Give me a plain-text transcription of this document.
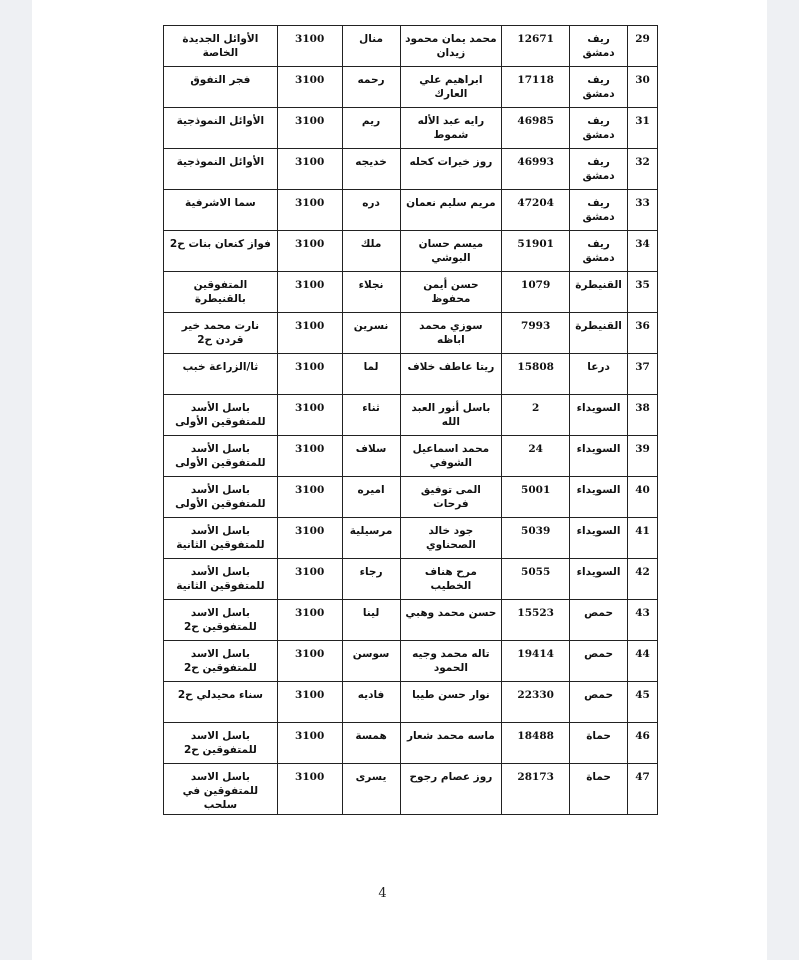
29	ريف دمشق	12671	محمد يمان محمود زيدان	منال	3100	الأوائل الجديدة الخاصة
30	ريف دمشق	17118	ابراهيم علي العارك	رحمه	3100	فجر التفوق
31	ريف دمشق	46985	رايه عبد الأله شموط	ريم	3100	الأوائل النموذجية
32	ريف دمشق	46993	روز خيرات كحله	خديجه	3100	الأوائل النموذجية
33	ريف دمشق	47204	مريم سليم نعمان	دره	3100	سما الاشرفية
34	ريف دمشق	51901	ميسم حسان البوشي	ملك	3100	فواز كنعان بنات ح2
35	القنيطرة	1079	حسن أيمن محفوظ	نجلاء	3100	المتفوقين بالقنيطرة
36	القنيطرة	7993	سوزي محمد اباظه	نسرين	3100	نارت محمد خير قردن ح2
37	درعا	15808	ريتا عاطف خلاف	لما	3100	ثا/الزراعة خبب
38	السويداء	2	باسل أنور العبد الله	ثناء	3100	باسل الأسد للمتفوقين الأولى
39	السويداء	24	محمد اسماعيل الشوفي	سلاف	3100	باسل الأسد للمتفوقين الأولى
40	السويداء	5001	المى توفيق فرحات	اميره	3100	باسل الأسد للمتفوقين الأولى
41	السويداء	5039	جود خالد الصحناوي	مرسيلية	3100	باسل الأسد للمتفوقين الثانية
42	السويداء	5055	مرح هناف الخطيب	رجاء	3100	باسل الأسد للمتفوقين الثانية
43	حمص	15523	حسن محمد وهبي	لينا	3100	باسل الاسد للمتفوقين ح2
44	حمص	19414	تاله محمد وجيه الحمود	سوسن	3100	باسل الاسد للمتفوقين ح2
45	حمص	22330	نوار حسن طيبا	فاديه	3100	سناء محيدلي ح2
46	حماة	18488	ماسه محمد شعار	همسة	3100	باسل الاسد للمتفوقين ح2
47	حماة	28173	روز عصام رجوح	يسرى	3100	باسل الاسد للمتفوقين في سلحب
4
